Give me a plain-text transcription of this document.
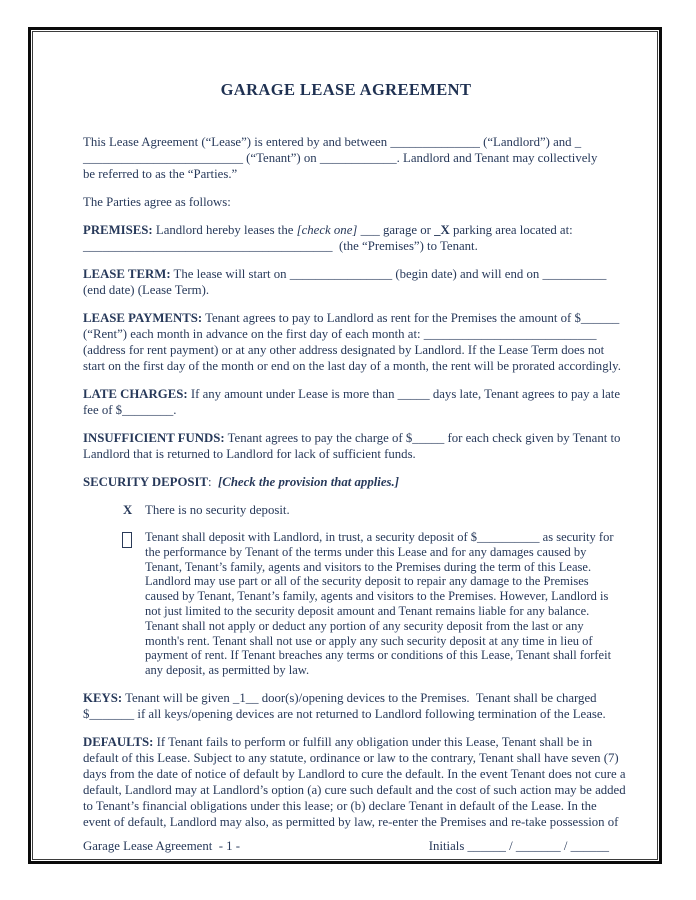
GARAGE LEASE AGREEMENT
This Lease Agreement (“Lease”) is entered by and between ______________ (“Landlord”) and _
_________________________ (“Tenant”) on ____________. Landlord and Tenant may collectively
be referred to as the “Parties.”
The Parties agree as follows:
PREMISES: Landlord hereby leases the [check one] ___ garage or _X parking area located at:
_______________________________________  (the “Premises”) to Tenant.
LEASE TERM: The lease will start on ________________ (begin date) and will end on __________
(end date) (Lease Term).
LEASE PAYMENTS: Tenant agrees to pay to Landlord as rent for the Premises the amount of $______
(“Rent”) each month in advance on the first day of each month at: ___________________________
(address for rent payment) or at any other address designated by Landlord. If the Lease Term does not
start on the first day of the month or end on the last day of a month, the rent will be prorated accordingly.
LATE CHARGES: If any amount under Lease is more than _____ days late, Tenant agrees to pay a late
fee of $________.
INSUFFICIENT FUNDS: Tenant agrees to pay the charge of $_____ for each check given by Tenant to
Landlord that is returned to Landlord for lack of sufficient funds.
SECURITY DEPOSIT:  [Check the provision that applies.]
X There is no security deposit.
Tenant shall deposit with Landlord, in trust, a security deposit of $__________ as security for
the performance by Tenant of the terms under this Lease and for any damages caused by
Tenant, Tenant’s family, agents and visitors to the Premises during the term of this Lease.
Landlord may use part or all of the security deposit to repair any damage to the Premises
caused by Tenant, Tenant’s family, agents and visitors to the Premises. However, Landlord is
not just limited to the security deposit amount and Tenant remains liable for any balance.
Tenant shall not apply or deduct any portion of any security deposit from the last or any
month's rent. Tenant shall not use or apply any such security deposit at any time in lieu of
payment of rent. If Tenant breaches any terms or conditions of this Lease, Tenant shall forfeit
any deposit, as permitted by law.
KEYS: Tenant will be given _1__ door(s)/opening devices to the Premises.  Tenant shall be charged
$_______ if all keys/opening devices are not returned to Landlord following termination of the Lease.
DEFAULTS: If Tenant fails to perform or fulfill any obligation under this Lease, Tenant shall be in
default of this Lease. Subject to any statute, ordinance or law to the contrary, Tenant shall have seven (7)
days from the date of notice of default by Landlord to cure the default. In the event Tenant does not cure a
default, Landlord may at Landlord’s option (a) cure such default and the cost of such action may be added
to Tenant’s financial obligations under this lease; or (b) declare Tenant in default of the Lease. In the
event of default, Landlord may also, as permitted by law, re-enter the Premises and re-take possession of
Garage Lease Agreement  - 1 -	Initials ______ / _______ / ______
